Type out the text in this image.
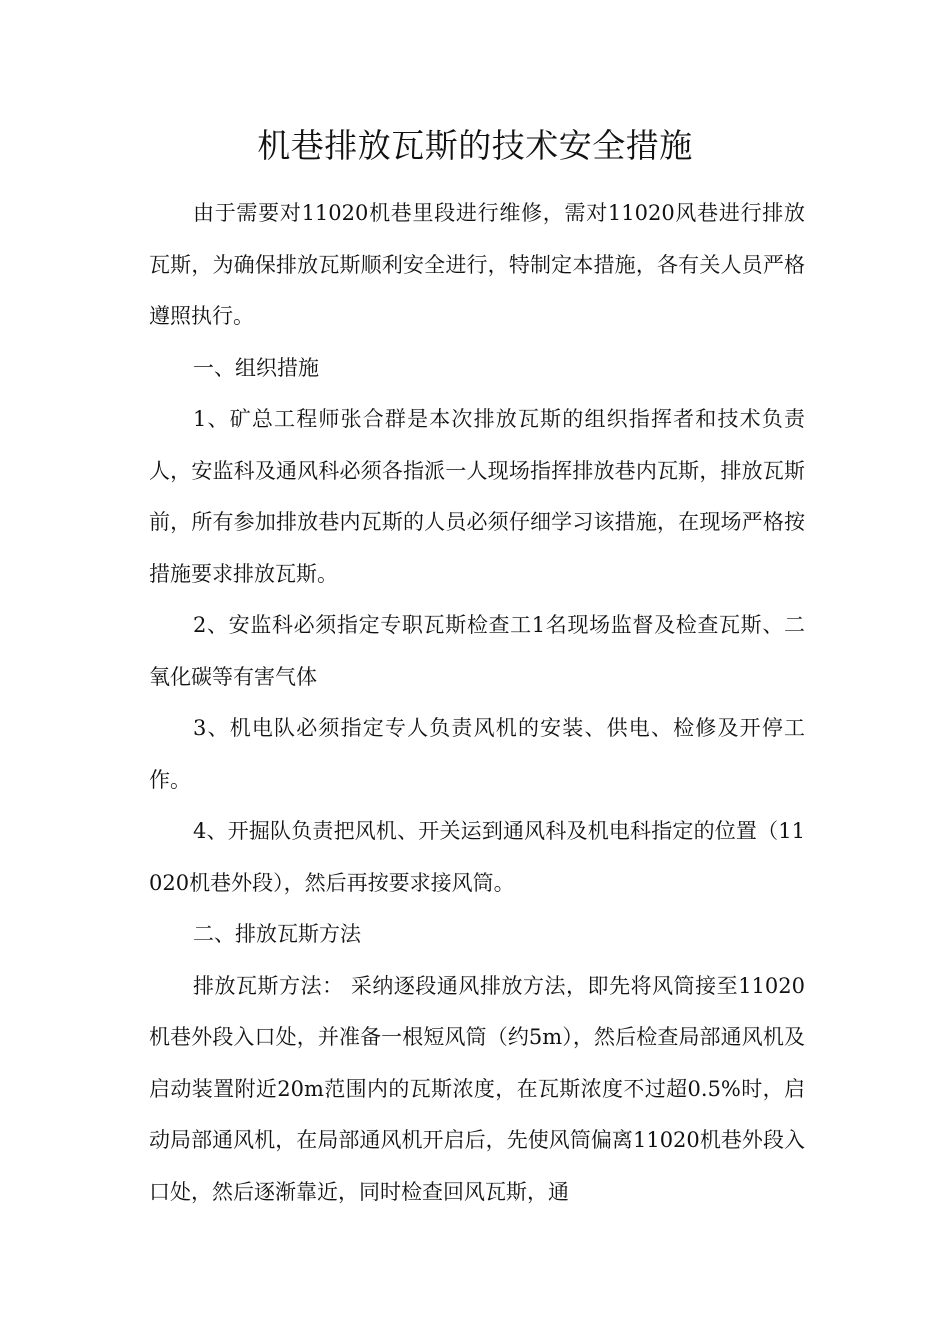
机巷排放瓦斯的技术安全措施

由于需要对11020机巷里段进行维修，需对11020风巷进行排放瓦斯，为确保排放瓦斯顺利安全进行，特制定本措施，各有关人员严格遵照执行。

一、组织措施

1、矿总工程师张合群是本次排放瓦斯的组织指挥者和技术负责人，安监科及通风科必须各指派一人现场指挥排放巷内瓦斯，排放瓦斯前，所有参加排放巷内瓦斯的人员必须仔细学习该措施，在现场严格按措施要求排放瓦斯。

2、安监科必须指定专职瓦斯检查工1名现场监督及检查瓦斯、二氧化碳等有害气体

3、机电队必须指定专人负责风机的安装、供电、检修及开停工作。

4、开掘队负责把风机、开关运到通风科及机电科指定的位置（11020机巷外段），然后再按要求接风筒。

二、排放瓦斯方法

排放瓦斯方法： 采纳逐段通风排放方法，即先将风筒接至11020机巷外段入口处，并准备一根短风筒（约5m），然后检查局部通风机及启动装置附近20m范围内的瓦斯浓度，在瓦斯浓度不过超0.5%时，启动局部通风机，在局部通风机开启后，先使风筒偏离11020机巷外段入口处，然后逐渐靠近，同时检查回风瓦斯，通
